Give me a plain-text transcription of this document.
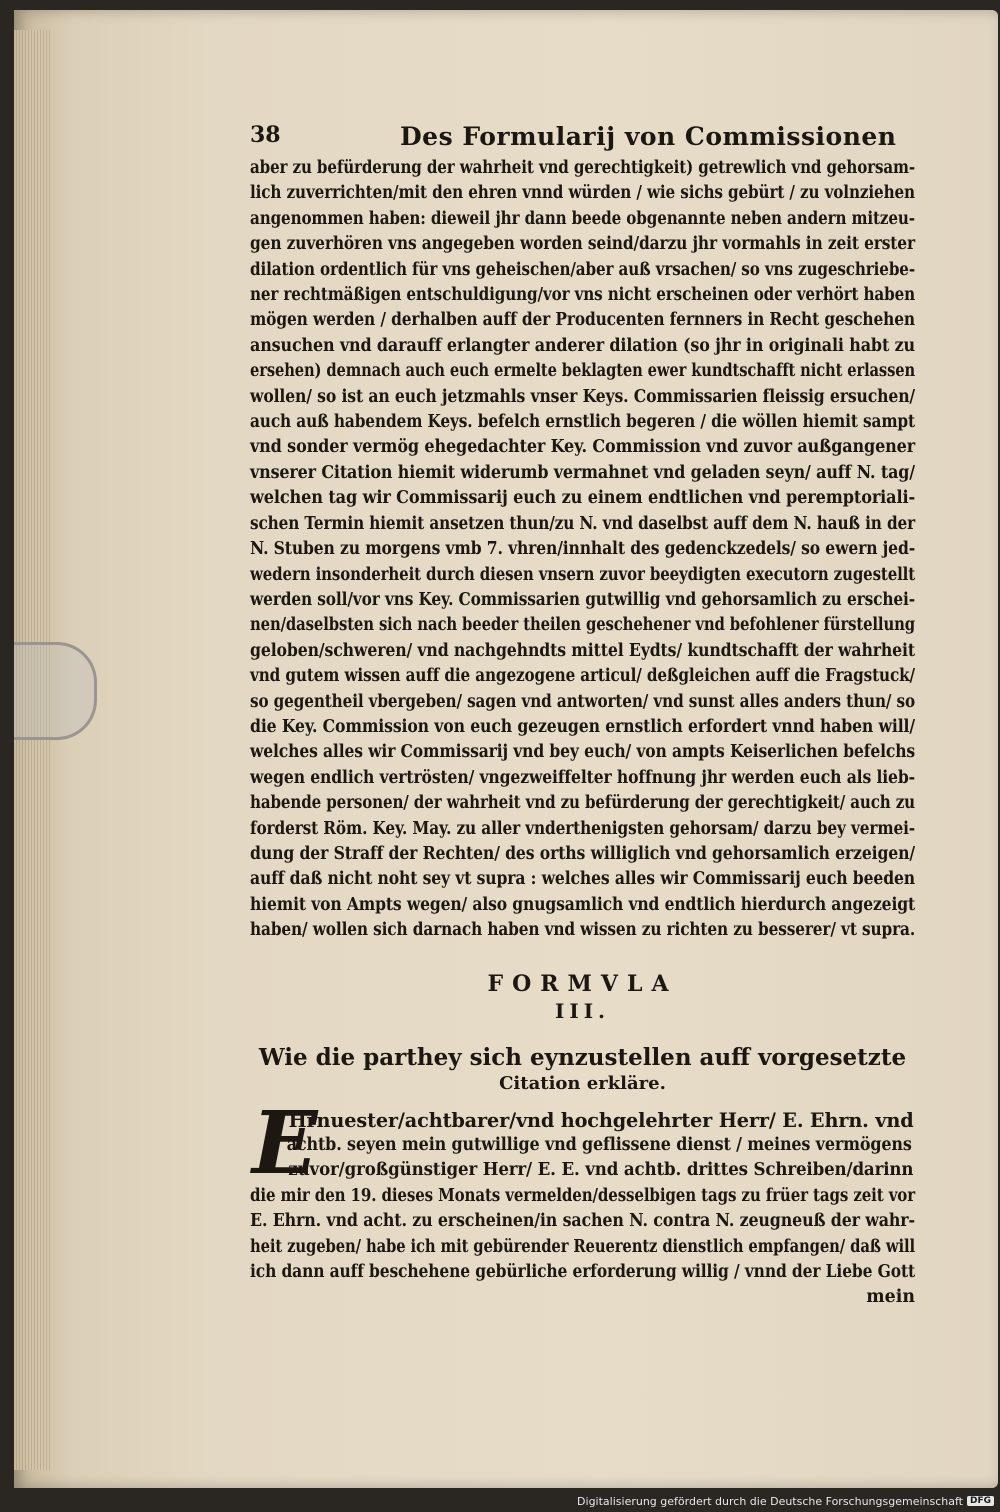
38	Des Formularij von Commissionen
aber zu befürderung der wahrheit vnd gerechtigkeit) getrewlich vnd gehorsam-
lich zuverrichten/mit den ehren vnnd würden / wie sichs gebürt / zu volnziehen
angenommen haben: dieweil jhr dann beede obgenannte neben andern mitzeu-
gen zuverhören vns angegeben worden seind/darzu jhr vormahls in zeit erster
dilation ordentlich für vns geheischen/aber auß vrsachen/ so vns zugeschriebe-
ner rechtmäßigen entschuldigung/vor vns nicht erscheinen oder verhört haben
mögen werden / derhalben auff der Producenten fernners in Recht geschehen
ansuchen vnd darauff erlangter anderer dilation (so jhr in originali habt zu
ersehen) demnach auch euch ermelte beklagten ewer kundtschafft nicht erlassen
wollen/ so ist an euch jetzmahls vnser Keys. Commissarien fleissig ersuchen/
auch auß habendem Keys. befelch ernstlich begeren / die wöllen hiemit sampt
vnd sonder vermög ehegedachter Key. Commission vnd zuvor außgangener
vnserer Citation hiemit widerumb vermahnet vnd geladen seyn/ auff N. tag/
welchen tag wir Commissarij euch zu einem endtlichen vnd peremptoriali-
schen Termin hiemit ansetzen thun/zu N. vnd daselbst auff dem N. hauß in der
N. Stuben zu morgens vmb 7. vhren/innhalt des gedenckzedels/ so ewern jed-
wedern insonderheit durch diesen vnsern zuvor beeydigten executorn zugestellt
werden soll/vor vns Key. Commissarien gutwillig vnd gehorsamlich zu erschei-
nen/daselbsten sich nach beeder theilen geschehener vnd befohlener fürstellung
geloben/schweren/ vnd nachgehndts mittel Eydts/ kundtschafft der wahrheit
vnd gutem wissen auff die angezogene articul/ deßgleichen auff die Fragstuck/
so gegentheil vbergeben/ sagen vnd antworten/ vnd sunst alles anders thun/ so
die Key. Commission von euch gezeugen ernstlich erfordert vnnd haben will/
welches alles wir Commissarij vnd bey euch/ von ampts Keiserlichen befelchs
wegen endlich vertrösten/ vngezweiffelter hoffnung jhr werden euch als lieb-
habende personen/ der wahrheit vnd zu befürderung der gerechtigkeit/ auch zu
forderst Röm. Key. May. zu aller vnderthenigsten gehorsam/ darzu bey vermei-
dung der Straff der Rechten/ des orths williglich vnd gehorsamlich erzeigen/
auff daß nicht noht sey vt supra : welches alles wir Commissarij euch beeden
hiemit von Ampts wegen/ also gnugsamlich vnd endtlich hierdurch angezeigt
haben/ wollen sich darnach haben vnd wissen zu richten zu besserer/ vt supra.
FORMVLA
III.
Wie die parthey sich eynzustellen auff vorgesetzte
Citation erkläre.
E
Hrnuester/achtbarer/vnd hochgelehrter Herr/ E. Ehrn. vnd
achtb. seyen mein gutwillige vnd geflissene dienst / meines vermögens
zuvor/großgünstiger Herr/ E. E. vnd achtb. drittes Schreiben/darinn
die mir den 19. dieses Monats vermelden/desselbigen tags zu früer tags zeit vor
E. Ehrn. vnd acht. zu erscheinen/in sachen N. contra N. zeugneuß der wahr-
heit zugeben/ habe ich mit gebürender Reuerentz dienstlich empfangen/ daß will
ich dann auff beschehene gebürliche erforderung willig / vnnd der Liebe Gott
mein
Digitalisierung gefördert durch die Deutsche Forschungsgemeinschaft DFG
